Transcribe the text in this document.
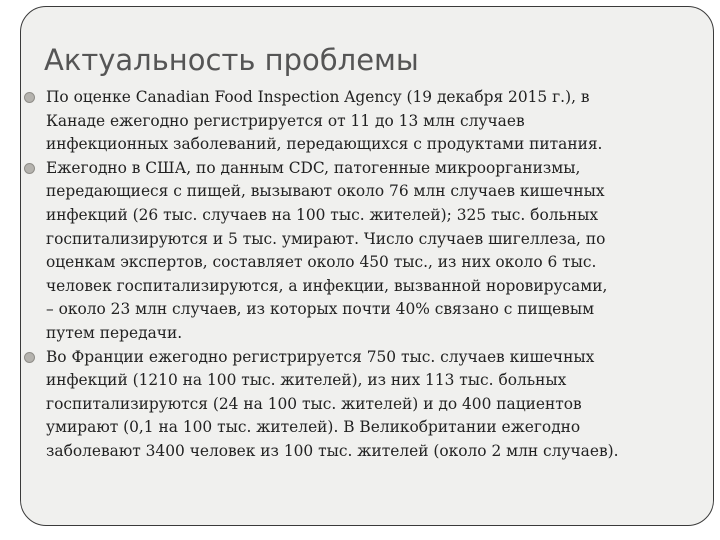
Актуальность проблемы
По оценке Canadian Food Inspection Agency (19 декабря 2015 г.), в
Канаде ежегодно регистрируется от 11 до 13 млн случаев
инфекционных заболеваний, передающихся с продуктами питания.
Ежегодно в США, по данным CDC, патогенные микроорганизмы,
передающиеся с пищей, вызывают около 76 млн случаев кишечных
инфекций (26 тыс. случаев на 100 тыс. жителей); 325 тыс. больных
госпитализируются и 5 тыс. умирают. Число случаев шигеллеза, по
оценкам экспертов, составляет около 450 тыс., из них около 6 тыс.
человек госпитализируются, а инфекции, вызванной норовирусами,
– около 23 млн случаев, из которых почти 40% связано с пищевым
путем передачи.
Во Франции ежегодно регистрируется 750 тыс. случаев кишечных
инфекций (1210 на 100 тыс. жителей), из них 113 тыс. больных
госпитализируются (24 на 100 тыс. жителей) и до 400 пациентов
умирают (0,1 на 100 тыс. жителей). В Великобритании ежегодно
заболевают 3400 человек из 100 тыс. жителей (около 2 млн случаев).
